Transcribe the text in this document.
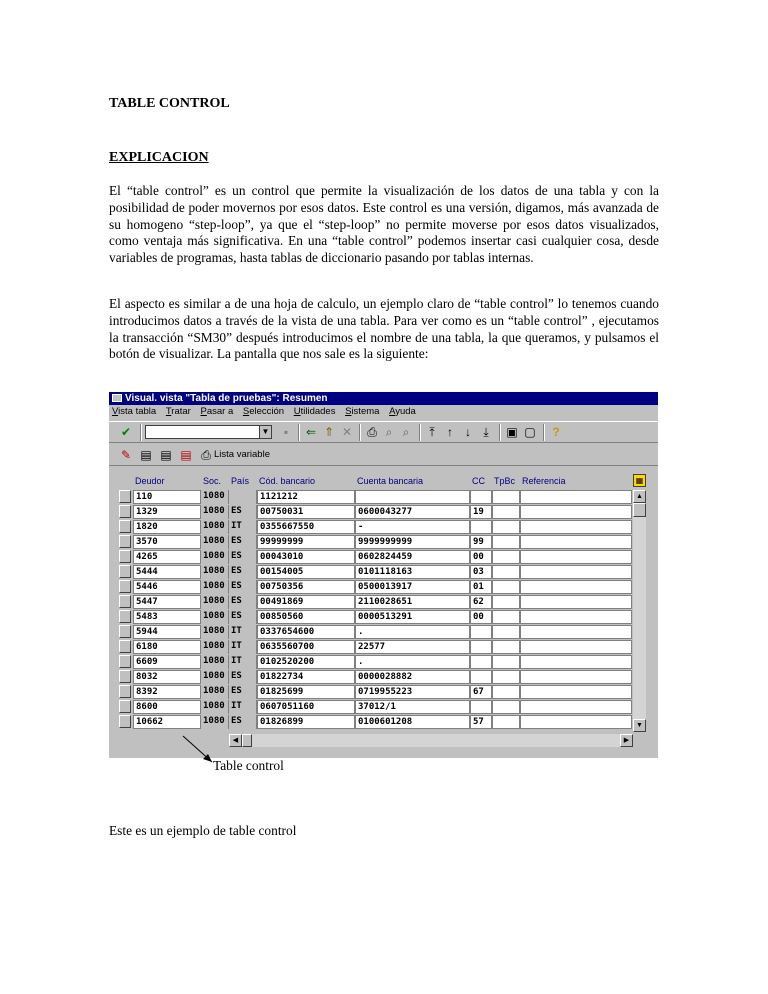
TABLE CONTROL
EXPLICACION
El “table control” es un control que permite la visualización de los datos de una tabla y con la posibilidad de poder movernos por esos datos. Este control es una versión, digamos, más avanzada de su homogeno “step-loop”, ya que el “step-loop” no permite moverse por esos datos visualizados, como ventaja más significativa. En una “table control” podemos insertar casi cualquier cosa, desde variables de programas, hasta tablas de diccionario pasando por tablas internas.
El aspecto es similar a de una hoja de calculo, un ejemplo claro de “table control” lo tenemos cuando introducimos datos a través de la vista de una tabla. Para ver como es un “table control” , ejecutamos la transacción “SM30” después introducimos el nombre de una tabla, la que queramos, y pulsamos el botón de visualizar. La pantalla que nos sale es la siguiente:
Visual. vista "Tabla de pruebas": Resumen
Vista tabla Tratar Pasar a Selección Utilidades Sistema Ayuda
✔	▼	▪	⇐ ⇑ ✕ ⎙ ⌕ ⌕	⤒	↑	↓	⤓	▣ ▢ ?
✎ ▤ ▤ ▤ ⎙ Lista variable
Deudor	Soc. País Cód. bancario	Cuenta bancaria	CC TpBc Referencia	▦
110	1080	1121212
1329	1080 ES	00750031	0600043277	19
1820	1080 IT	0355667550	-
3570	1080 ES	99999999	9999999999	99
4265	1080 ES	00043010	0602824459	00
5444	1080 ES	00154005	0101118163	03
5446	1080 ES	00750356	0500013917	01
5447	1080 ES	00491869	2110028651	62
5483	1080 ES	00850560	0000513291	00
5944	1080 IT	0337654600	.
6180	1080 IT	0635560700	22577
6609	1080 IT	0102520200	.
8032	1080 ES	01822734	0000028882
8392	1080 ES	01825699	0719955223	67
8600	1080 IT	0607051160	37012/1
10662	1080 ES	01826899	0100601208	57
▲
▼
◀	▶
Table control
Este es un ejemplo de table control
